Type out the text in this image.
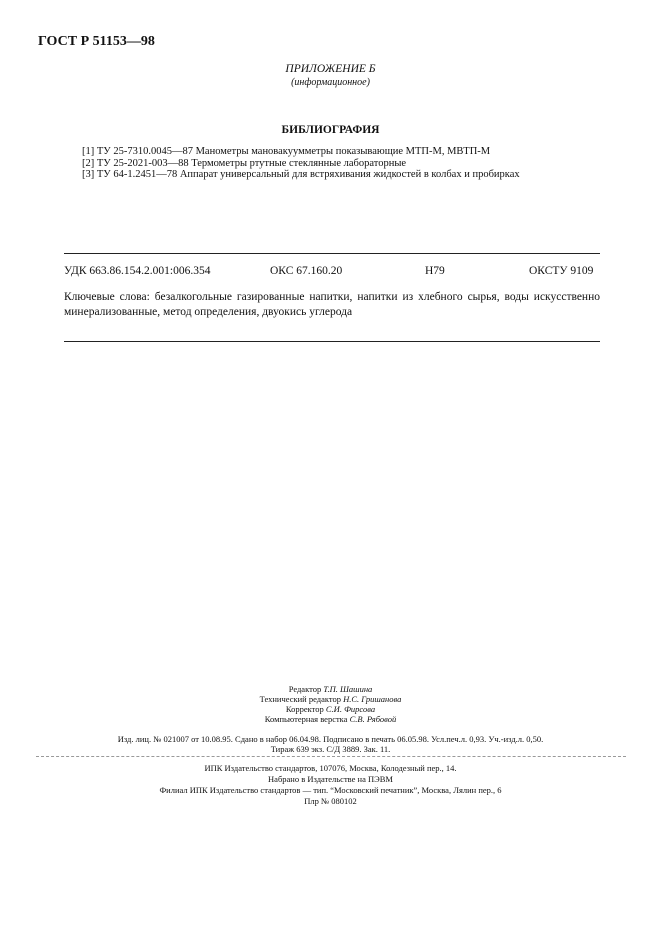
ГОСТ Р 51153—98
ПРИЛОЖЕНИЕ Б
(информационное)
БИБЛИОГРАФИЯ
[1] ТУ 25-7310.0045—87 Манометры мановакуумметры показывающие МТП-М, МВТП-М
[2] ТУ 25-2021-003—88 Термометры ртутные стеклянные лабораторные
[3] ТУ 64-1.2451—78 Аппарат универсальный для встряхивания жидкостей в колбах и пробирках
УДК 663.86.154.2.001:006.354	ОКС 67.160.20	Н79	ОКСТУ 9109
Ключевые слова: безалкогольные газированные напитки, напитки из хлебного сырья, воды искусственно минерализованные, метод определения, двуокись углерода
Редактор Т.П. Шашина
Технический редактор Н.С. Гришанова
Корректор С.И. Фирсова
Компьютерная верстка С.В. Рябовой
Изд. лиц. № 021007 от 10.08.95. Сдано в набор 06.04.98. Подписано в печать 06.05.98. Усл.печ.л. 0,93. Уч.-изд.л. 0,50.
Тираж 639 экз. С/Д 3889. Зак. 11.
ИПК Издательство стандартов, 107076, Москва, Колодезный пер., 14.
Набрано в Издательстве на ПЭВМ
Филиал ИПК Издательство стандартов — тип. “Московский печатник”, Москва, Лялин пер., 6
Плр № 080102
